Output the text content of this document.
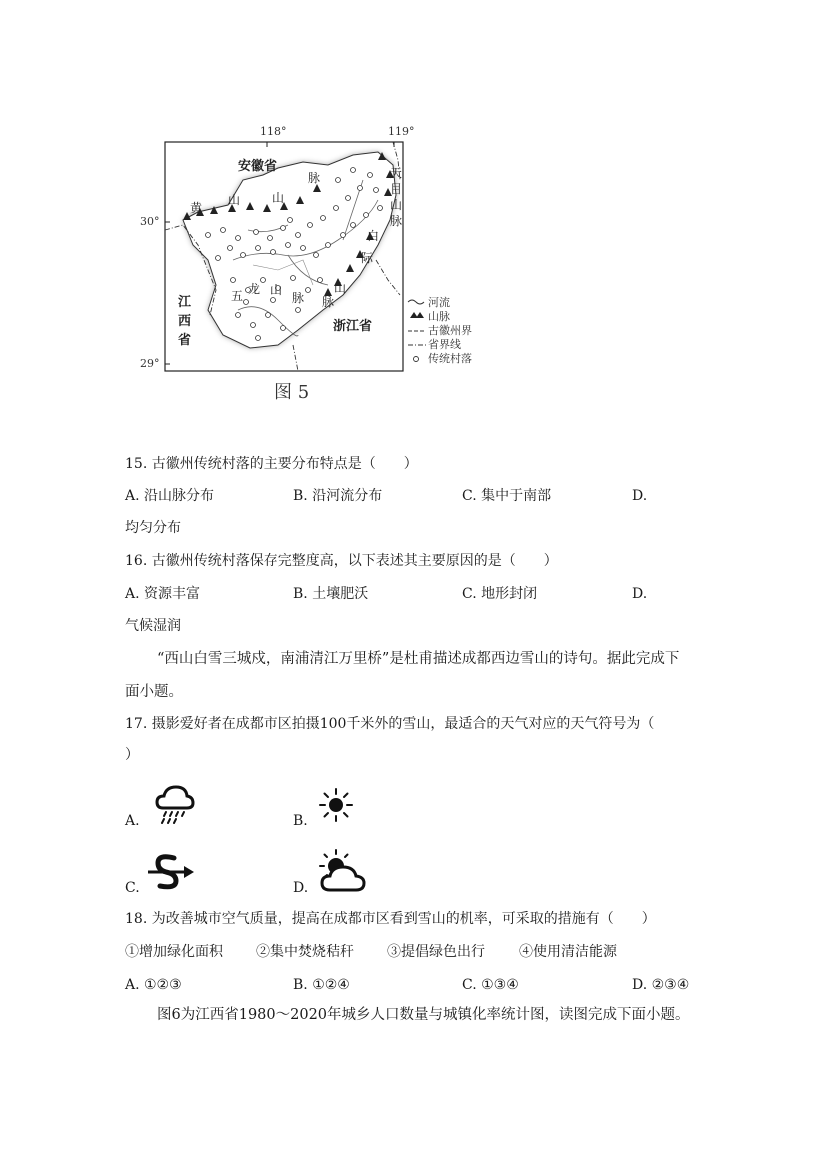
118°	119°
30°
29°
安徽省
浙江省
江
西
省
黄
山	山
脉	天
目
山
脉
白
际
山
脉
五 龙 山
脉	河流
山脉
古徽州界
省界线
传统村落
图 5
15. 古徽州传统村落的主要分布特点是（　　）
A. 沿山脉分布	B. 沿河流分布	C. 集中于南部	D.
均匀分布
16. 古徽州传统村落保存完整度高，以下表述其主要原因的是（　　）
A. 资源丰富	B. 土壤肥沃	C. 地形封闭	D.
气候湿润
“西山白雪三城戍，南浦清江万里桥”是杜甫描述成都西边雪山的诗句。据此完成下
面小题。
17. 摄影爱好者在成都市区拍摄100千米外的雪山，最适合的天气对应的天气符号为（
）
A.	B.
C.	D.
18. 为改善城市空气质量，提高在成都市区看到雪山的机率，可采取的措施有（　　）
①增加绿化面积 ②集中焚烧秸秆 ③提倡绿色出行 ④使用清洁能源
A. ①②③	B. ①②④	C. ①③④	D. ②③④
图6为江西省1980～2020年城乡人口数量与城镇化率统计图，读图完成下面小题。
